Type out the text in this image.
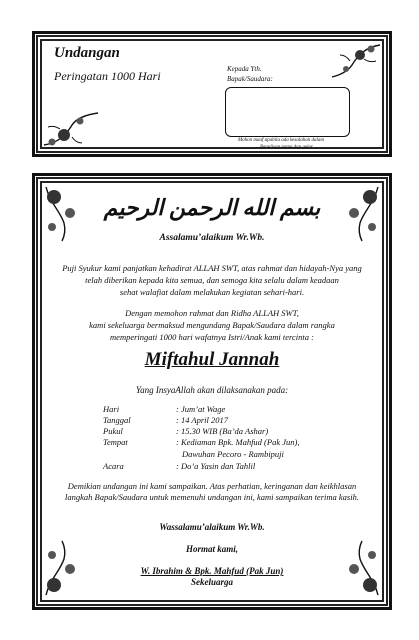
Undangan
Peringatan 1000 Hari	Kepada Yth.
Bapak/Saudara:
Mohon maaf apabila ada kesalahan dalam
Penulisan nama dan gelar
بسم الله الرحمن الرحيم
Assalamu’alaikum Wr.Wb.
Puji Syukur kami panjatkan kehadirat ALLAH SWT, atas rahmat dan hidayah-Nya yang
telah diberikan kepada kita semua, dan semoga kita selalu dalam keadaan
sehat walafiat dalam melakukan kegiatan sehari-hari.
Dengan memohon rahmat dan Ridha ALLAH SWT,
kami sekeluarga bermaksud mengundang Bapak/Saudara dalam rangka
memperingati 1000 hari wafatnya Istri/Anak kami tercinta :
Miftahul Jannah
Yang InsyaAllah akan dilaksanakan pada:
Hari	: Jum’at Wage
Tanggal	: 14 April 2017
Pukul	: 15.30 WIB (Ba’da Ashar)
Tempat	: Kediaman Bpk. Mahfud (Pak Jun),
Dawuhan Pecoro - Rambipuji
Acara	: Do’a Yasin dan Tahlil
Demikian undangan ini kami sampaikan. Atas perhatian, keringanan dan keikhlasan
langkah Bapak/Saudara untuk memenuhi undangan ini, kami sampaikan terima kasih.
Wassalamu’alaikum Wr.Wb.
Hormat kami,
W. Ibrahim & Bpk. Mahfud (Pak Jun)
Sekeluarga
